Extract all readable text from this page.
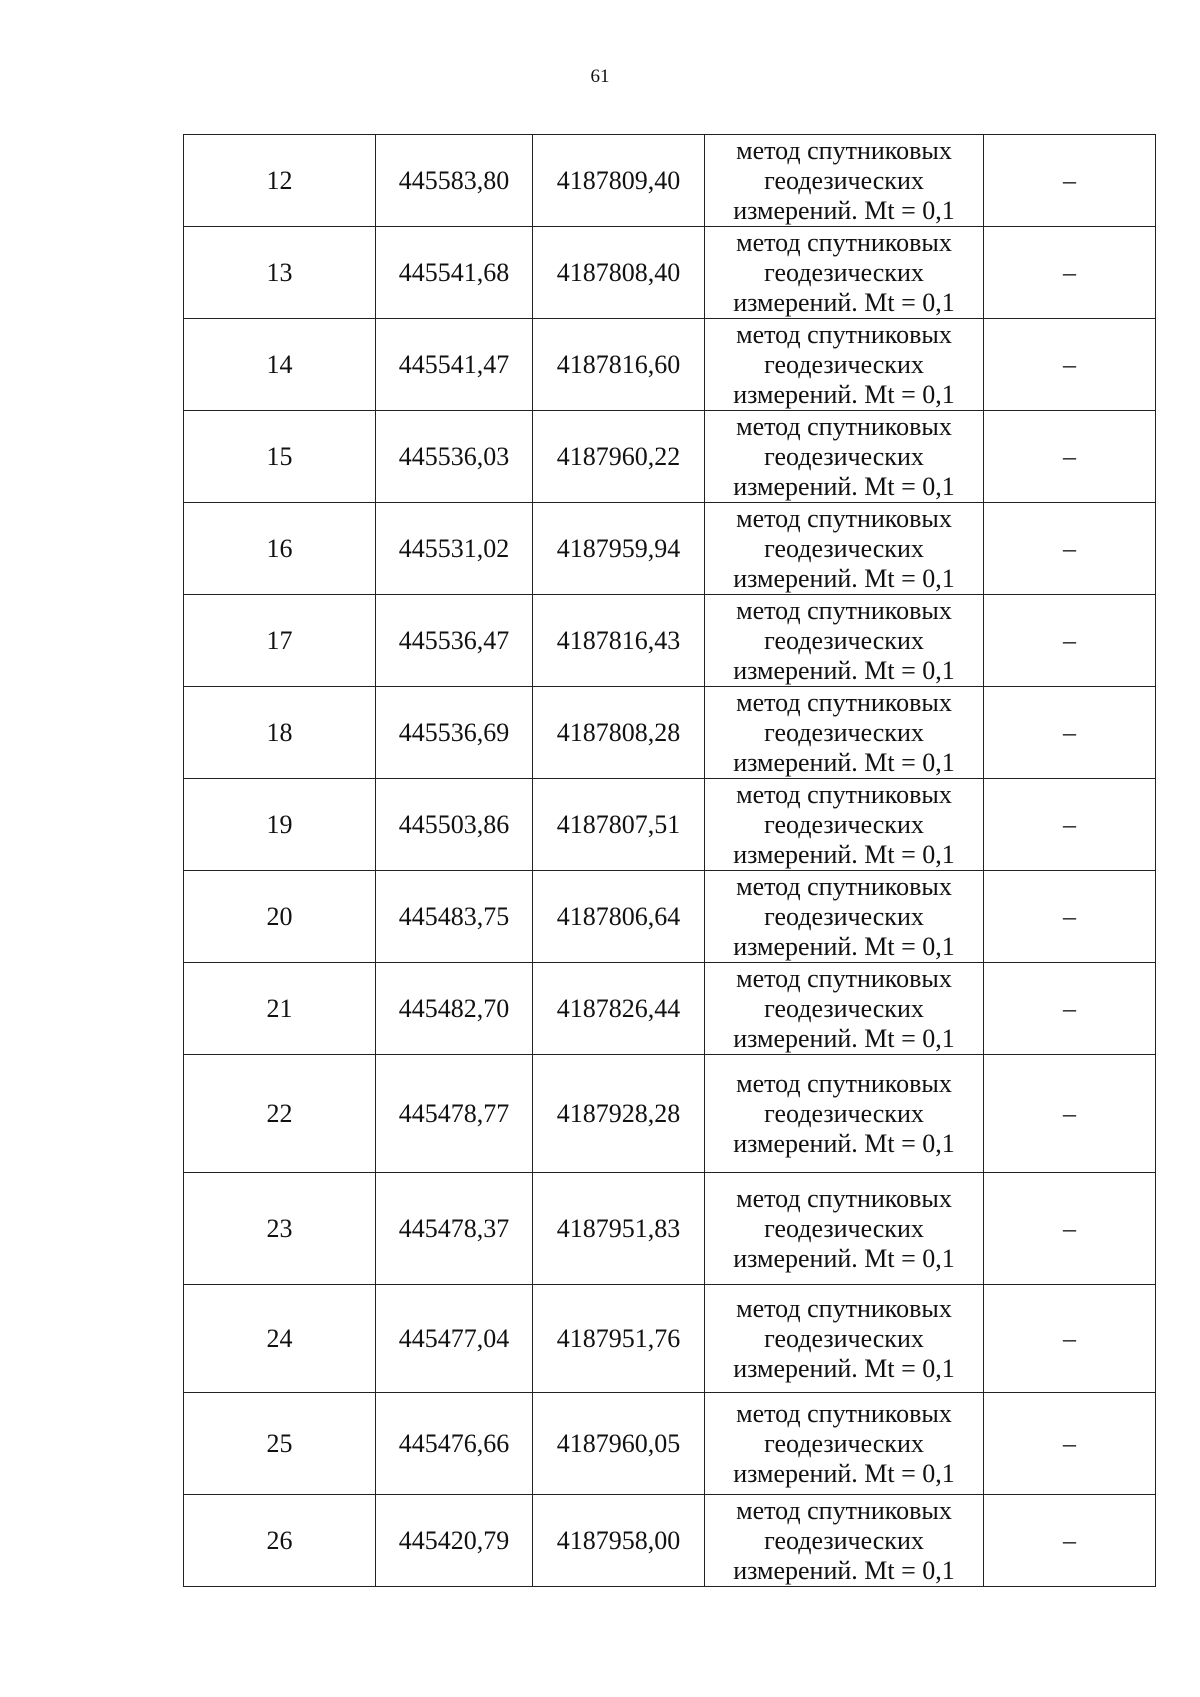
61
12	445583,80	4187809,40	метод спутниковых
геодезических
измерений. Mt = 0,1	–
13	445541,68	4187808,40	метод спутниковых
геодезических
измерений. Mt = 0,1	–
14	445541,47	4187816,60	метод спутниковых
геодезических
измерений. Mt = 0,1	–
15	445536,03	4187960,22	метод спутниковых
геодезических
измерений. Mt = 0,1	–
16	445531,02	4187959,94	метод спутниковых
геодезических
измерений. Mt = 0,1	–
17	445536,47	4187816,43	метод спутниковых
геодезических
измерений. Mt = 0,1	–
18	445536,69	4187808,28	метод спутниковых
геодезических
измерений. Mt = 0,1	–
19	445503,86	4187807,51	метод спутниковых
геодезических
измерений. Mt = 0,1	–
20	445483,75	4187806,64	метод спутниковых
геодезических
измерений. Mt = 0,1	–
21	445482,70	4187826,44	метод спутниковых
геодезических
измерений. Mt = 0,1	–
22	445478,77	4187928,28	метод спутниковых
геодезических
измерений. Mt = 0,1	–
23	445478,37	4187951,83	метод спутниковых
геодезических
измерений. Mt = 0,1	–
24	445477,04	4187951,76	метод спутниковых
геодезических
измерений. Mt = 0,1	–
25	445476,66	4187960,05	метод спутниковых
геодезических
измерений. Mt = 0,1	–
26	445420,79	4187958,00	метод спутниковых
геодезических
измерений. Mt = 0,1	–
